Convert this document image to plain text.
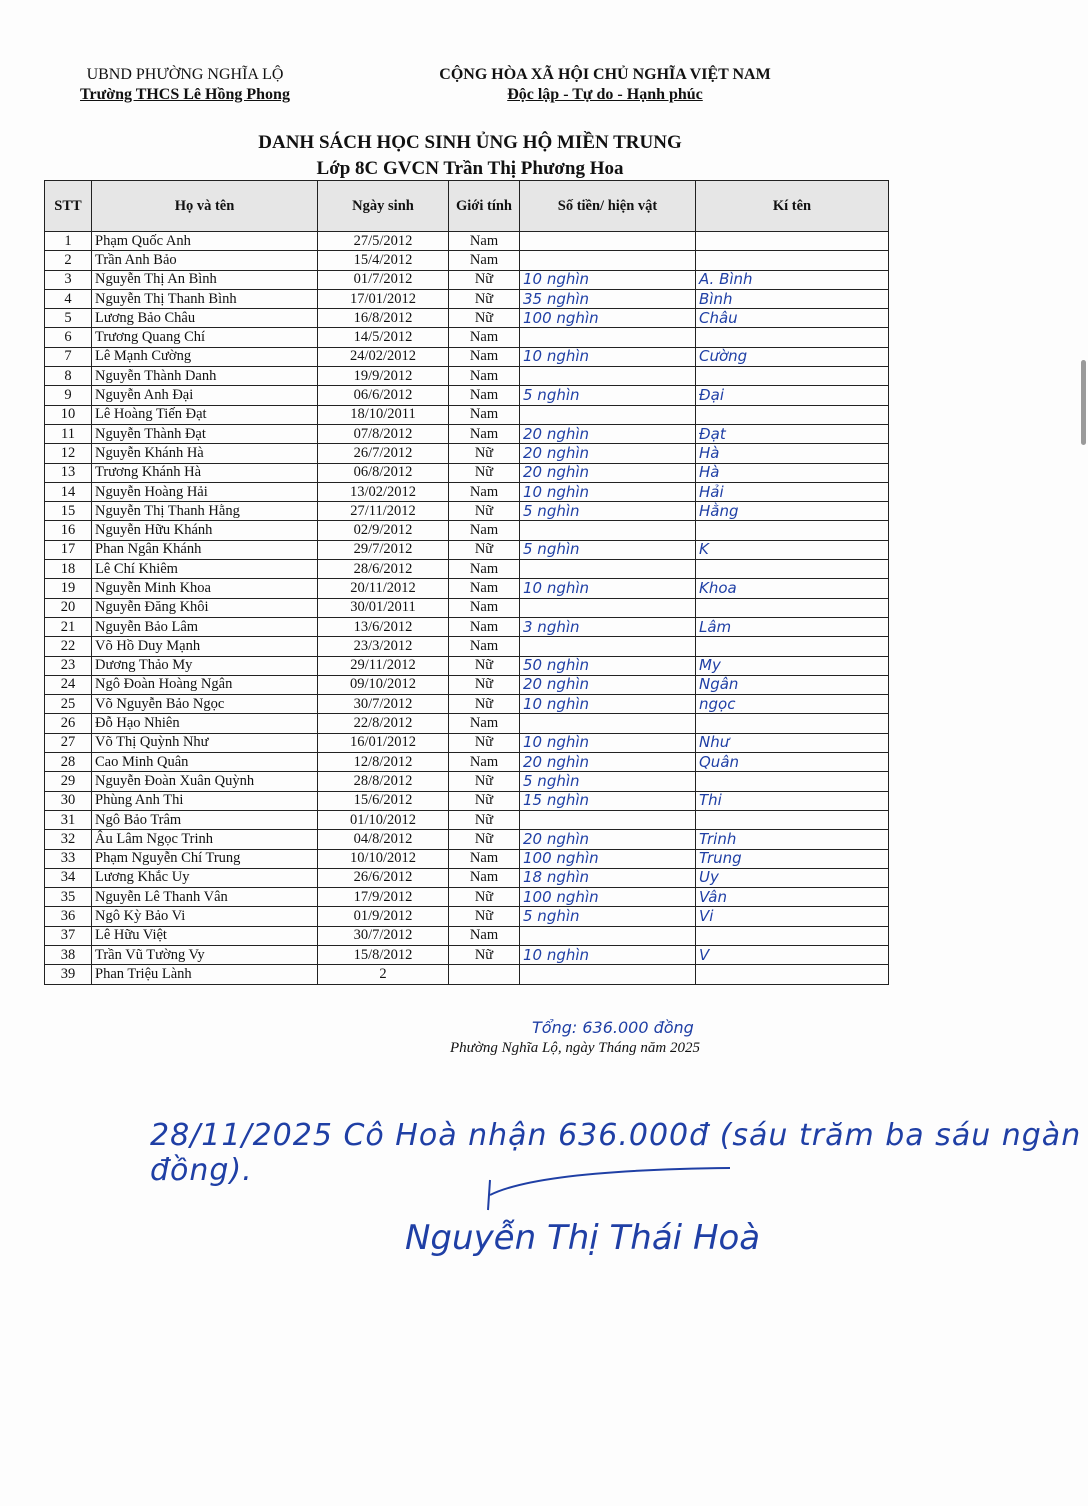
UBND PHƯỜNG NGHĨA LỘ
Trường THCS Lê Hồng Phong
CỘNG HÒA XÃ HỘI CHỦ NGHĨA VIỆT NAM
Độc lập - Tự do - Hạnh phúc
DANH SÁCH HỌC SINH ỦNG HỘ MIỀN TRUNG
Lớp 8C GVCN Trần Thị Phương Hoa
STT	Họ và tên	Ngày sinh	Giới tính	Số tiền/ hiện vật	Kí tên
1	Phạm Quốc Anh	27/5/2012	Nam		
2	Trần Anh Bảo	15/4/2012	Nam		
3	Nguyễn Thị An Bình	01/7/2012	Nữ	10 nghìn	A. Bình
4	Nguyễn Thị Thanh Bình	17/01/2012	Nữ	35 nghìn	Bình
5	Lương Bảo Châu	16/8/2012	Nữ	100 nghìn	Châu
6	Trương Quang Chí	14/5/2012	Nam		
7	Lê Mạnh Cường	24/02/2012	Nam	10 nghìn	Cường
8	Nguyễn Thành Danh	19/9/2012	Nam		
9	Nguyễn Anh Đại	06/6/2012	Nam	5 nghìn	Đại
10	Lê Hoàng Tiến Đạt	18/10/2011	Nam		
11	Nguyễn Thành Đạt	07/8/2012	Nam	20 nghìn	Đạt
12	Nguyễn Khánh Hà	26/7/2012	Nữ	20 nghìn	Hà
13	Trương Khánh Hà	06/8/2012	Nữ	20 nghìn	Hà
14	Nguyễn Hoàng Hải	13/02/2012	Nam	10 nghìn	Hải
15	Nguyễn Thị Thanh Hằng	27/11/2012	Nữ	5 nghìn	Hằng
16	Nguyễn Hữu Khánh	02/9/2012	Nam		
17	Phan Ngân Khánh	29/7/2012	Nữ	5 nghìn	K
18	Lê Chí Khiêm	28/6/2012	Nam		
19	Nguyễn Minh Khoa	20/11/2012	Nam	10 nghìn	Khoa
20	Nguyễn Đăng Khôi	30/01/2011	Nam		
21	Nguyễn Bảo Lâm	13/6/2012	Nam	3 nghìn	Lâm
22	Võ Hồ Duy Mạnh	23/3/2012	Nam		
23	Dương Thảo My	29/11/2012	Nữ	50 nghìn	My
24	Ngô Đoàn Hoàng Ngân	09/10/2012	Nữ	20 nghìn	Ngân
25	Võ Nguyễn Bảo Ngọc	30/7/2012	Nữ	10 nghìn	ngọc
26	Đỗ Hạo Nhiên	22/8/2012	Nam		
27	Võ Thị Quỳnh Như	16/01/2012	Nữ	10 nghìn	Như
28	Cao Minh Quân	12/8/2012	Nam	20 nghìn	Quân
29	Nguyễn Đoàn Xuân Quỳnh	28/8/2012	Nữ	5 nghìn	
30	Phùng Anh Thi	15/6/2012	Nữ	15 nghìn	Thi
31	Ngô Bảo Trâm	01/10/2012	Nữ		
32	Âu Lâm Ngọc Trinh	04/8/2012	Nữ	20 nghìn	Trinh
33	Phạm Nguyễn Chí Trung	10/10/2012	Nam	100 nghìn	Trung
34	Lương Khắc Uy	26/6/2012	Nam	18 nghìn	Uy
35	Nguyễn Lê Thanh Vân	17/9/2012	Nữ	100 nghìn	Vân
36	Ngô Kỳ Bảo Vi	01/9/2012	Nữ	5 nghìn	Vi
37	Lê Hữu Việt	30/7/2012	Nam		
38	Trần Vũ Tường Vy	15/8/2012	Nữ	10 nghìn	V
39	Phan Triệu Lành	2			
Tổng: 636.000 đồng
Phường Nghĩa Lộ, ngày Tháng năm 2025
28/11/2025 Cô Hoà nhận 636.000đ (sáu trăm ba sáu ngàn đồng).
Nguyễn Thị Thái Hoà
